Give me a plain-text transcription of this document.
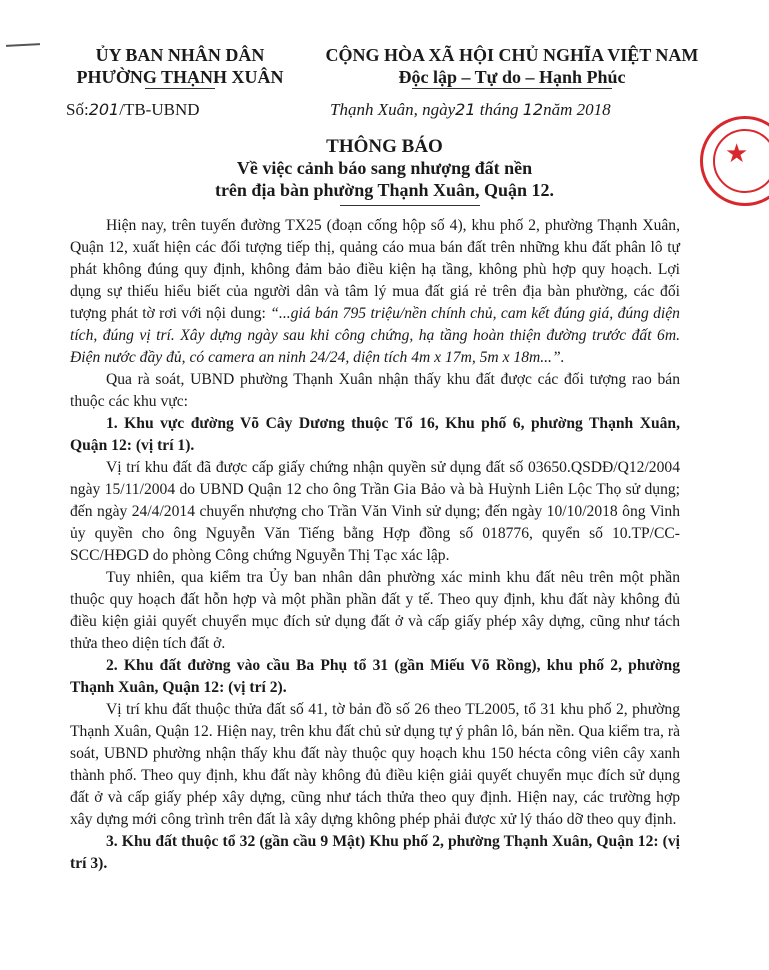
ỦY BAN NHÂN DÂN
PHƯỜNG THẠNH XUÂN
CỘNG HÒA XÃ HỘI CHỦ NGHĨA VIỆT NAM
Độc lập – Tự do – Hạnh Phúc
Số:201/TB-UBND	Thạnh Xuân, ngày21 tháng 12năm 2018
★
THÔNG BÁO
Về việc cảnh báo sang nhượng đất nền
trên địa bàn phường Thạnh Xuân, Quận 12.

Hiện nay, trên tuyến đường TX25 (đoạn cống hộp số 4), khu phố 2, phường Thạnh Xuân, Quận 12, xuất hiện các đối tượng tiếp thị, quảng cáo mua bán đất trên những khu đất phân lô tự phát không đúng quy định, không đảm bảo điều kiện hạ tầng, không phù hợp quy hoạch. Lợi dụng sự thiếu hiểu biết của người dân và tâm lý mua đất giá rẻ trên địa bàn phường, các đối tượng phát tờ rơi với nội dung: “...giá bán 795 triệu/nền chính chủ, cam kết đúng giá, đúng diện tích, đúng vị trí. Xây dựng ngày sau khi công chứng, hạ tầng hoàn thiện đường trước đất 6m. Điện nước đầy đủ, có camera an ninh 24/24, diện tích 4m x 17m, 5m x 18m...”.

Qua rà soát, UBND phường Thạnh Xuân nhận thấy khu đất được các đối tượng rao bán thuộc các khu vực:

1. Khu vực đường Võ Cây Dương thuộc Tổ 16, Khu phố 6, phường Thạnh Xuân, Quận 12: (vị trí 1).

Vị trí khu đất đã được cấp giấy chứng nhận quyền sử dụng đất số 03650.QSDĐ/Q12/2004 ngày 15/11/2004 do UBND Quận 12 cho ông Trần Gia Bảo và bà Huỳnh Liên Lộc Thọ sử dụng; đến ngày 24/4/2014 chuyển nhượng cho Trần Văn Vinh sử dụng; đến ngày 10/10/2018 ông Vinh ủy quyền cho ông Nguyễn Văn Tiếng bằng Hợp đồng số 018776, quyển số 10.TP/CC-SCC/HĐGD do phòng Công chứng Nguyễn Thị Tạc xác lập.

Tuy nhiên, qua kiểm tra Ủy ban nhân dân phường xác minh khu đất nêu trên một phần thuộc quy hoạch đất hỗn hợp và một phần phần đất y tế. Theo quy định, khu đất này không đủ điều kiện giải quyết chuyển mục đích sử dụng đất ở và cấp giấy phép xây dựng, cũng như tách thửa theo diện tích đất ở.

2. Khu đất đường vào cầu Ba Phụ tổ 31 (gần Miếu Võ Rồng), khu phố 2, phường Thạnh Xuân, Quận 12: (vị trí 2).

Vị trí khu đất thuộc thửa đất số 41, tờ bản đồ số 26 theo TL2005, tổ 31 khu phố 2, phường Thạnh Xuân, Quận 12. Hiện nay, trên khu đất chủ sử dụng tự ý phân lô, bán nền. Qua kiểm tra, rà soát, UBND phường nhận thấy khu đất này thuộc quy hoạch khu 150 hécta công viên cây xanh thành phố. Theo quy định, khu đất này không đủ điều kiện giải quyết chuyển mục đích sử dụng đất ở và cấp giấy phép xây dựng, cũng như tách thửa theo quy định. Hiện nay, các trường hợp xây dựng mới công trình trên đất là xây dựng không phép phải được xử lý tháo dỡ theo quy định.

3. Khu đất thuộc tổ 32 (gần cầu 9 Mật) Khu phố 2, phường Thạnh Xuân, Quận 12: (vị trí 3).
